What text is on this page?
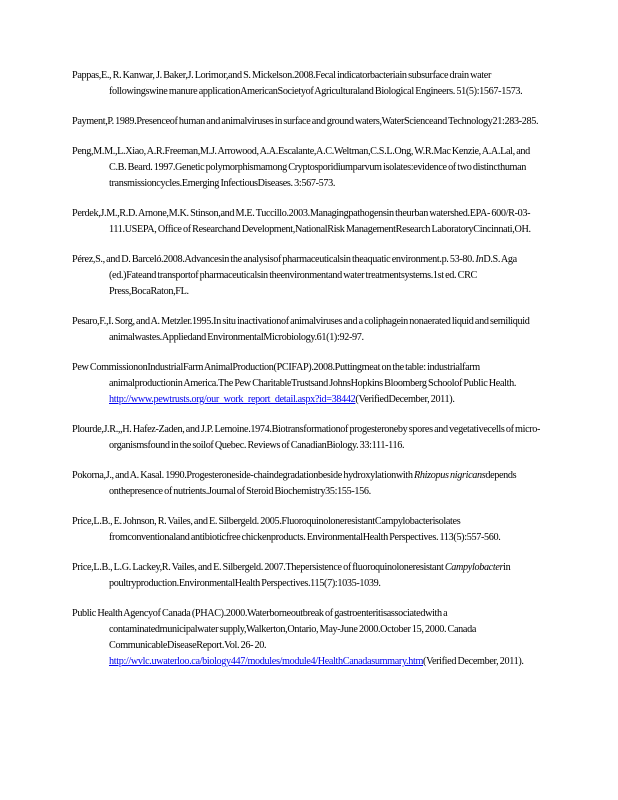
Pappas,E., R. Kanwar, J. Baker,J. Lorimor,and S. Mickelson.2008.Fecal indicatorbacteriain subsurface drain water followingswine manure applicationAmericanSocietyof Agriculturaland Biological Engineers. 51(5):1567-1573.

Payment,P. 1989.Presenceof human and animalviruses in surface and ground waters,WaterScienceand Technology21:283-285.

Peng,M.M.,L.Xiao, A.R.Freeman,M.J. Arrowood, A.A.Escalante,A.C.Weltman,C.S.L.Ong, W.R.Mac Kenzie, A.A.Lal, and C.B. Beard. 1997.Genetic polymorphismamong Cryptosporidiumparvum isolates:evidence of two distincthuman transmissioncycles.Emerging InfectiousDiseases. 3:567-573.

Perdek,J.M.,R.D. Arnone,M.K. Stinson,and M.E. Tuccillo.2003.Managingpathogensin theurban watershed.EPA- 600/R-03-111.USEPA, Office of Researchand Development,NationalRisk ManagementResearch LaboratoryCincinnati,OH.

Pérez,S., and D. Barceló.2008.Advancesin the analysisof pharmaceuticalsin theaquatic environment.p. 53-80. InD.S. Aga (ed.)Fateand transportof pharmaceuticalsin theenvironmentand water treatmentsystems.1st ed. CRC Press,BocaRaton,FL.

Pesaro,F.,I. Sorg, and A. Metzler.1995.In situ inactivationof animalviruses and a coliphagein nonaerated liquid and semiliquid animalwastes.Appliedand EnvironmentalMicrobiology.61(1):92-97.

Pew CommissiononIndustrialFarm AnimalProduction(PCIFAP).2008.Puttingmeat on the table: industrialfarm animalproductionin America.The Pew CharitableTrustsand JohnsHopkins Bloomberg Schoolof Public Health. http://www.pewtrusts.org/our_work_report_detail.aspx?id=38442(VerifiedDecember, 2011).

Plourde,J.R.,,H. Hafez-Zaden, and J.P. Lemoine.1974.Biotransformationof progesteroneby spores and vegetativecells of micro-organismsfound in the soilof Quebec. Reviews of CanadianBiology. 33:111-116.

Pokorna,J., and A. Kasal. 1990.Progesteroneside-chaindegradationbeside hydroxylationwith Rhizopus nigricansdepends onthepresence of nutrients.Journal of Steroid Biochemistry35:155-156.

Price,L.B., E. Johnson, R. Vailes, and E. Silbergeld. 2005.FluoroquinoloneresistantCampylobacterisolates fromconventionaland antibioticfree chickenproducts. EnvironmentalHealth Perspectives. 113(5):557-560.

Price,L.B., L.G. Lackey,R. Vailes, and E. Silbergeld. 2007.Thepersistence of fluoroquinoloneresistant Campylobacterin poultryproduction.EnvironmentalHealth Perspectives.115(7):1035-1039.

Public Health Agencyof Canada (PHAC).2000.Waterborneoutbreak of gastroenteritisassociatedwith a contaminatedmunicipalwater supply,Walkerton,Ontario, May-June 2000.October 15, 2000. Canada CommunicableDiseaseReport.Vol. 26- 20. http://wvlc.uwaterloo.ca/biology447/modules/module4/HealthCanadasummary.htm(Verified December, 2011).
